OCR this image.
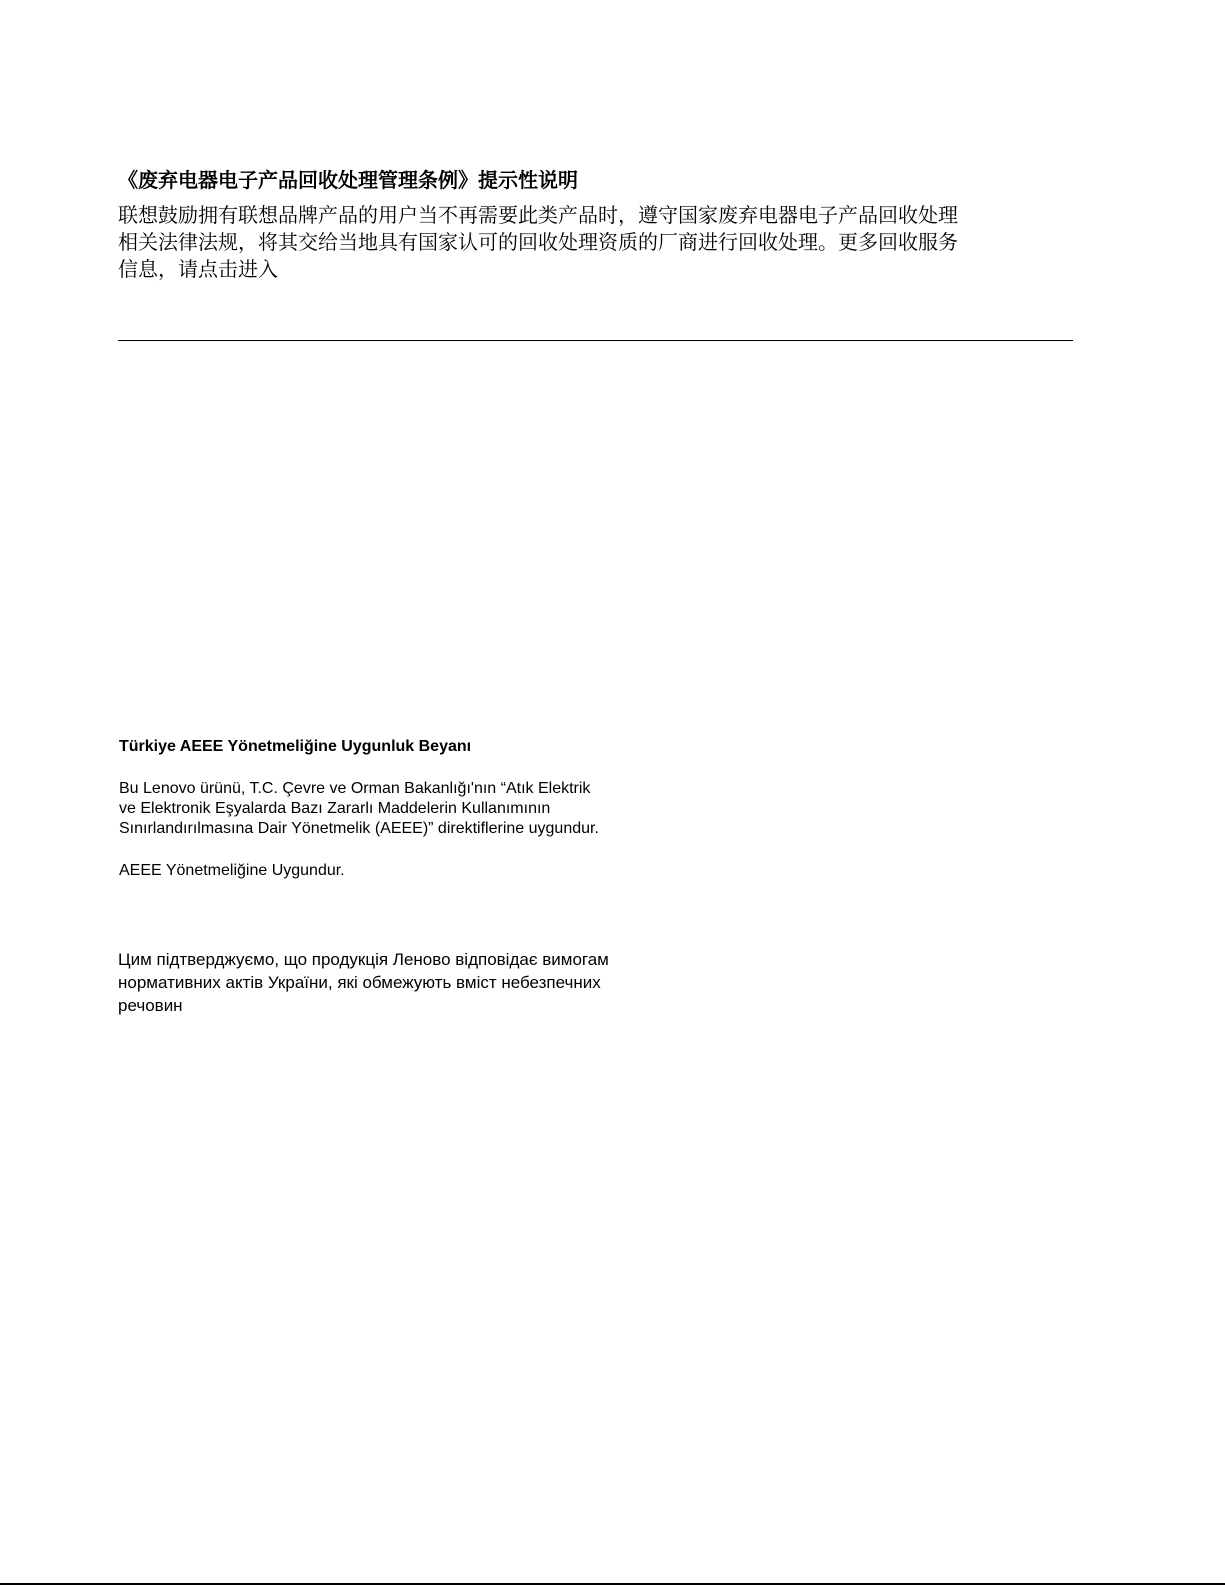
《废弃电器电子产品回收处理管理条例》提示性说明
联想鼓励拥有联想品牌产品的用户当不再需要此类产品时，遵守国家废弃电器电子产品回收处理
相关法律法规，将其交给当地具有国家认可的回收处理资质的厂商进行回收处理。更多回收服务
信息，请点击进入
Türkiye AEEE Yönetmeliğine Uygunluk Beyanı
Bu Lenovo ürünü, T.C. Çevre ve Orman Bakanlığı'nın “Atık Elektrik
ve Elektronik Eşyalarda Bazı Zararlı Maddelerin Kullanımının
Sınırlandırılmasına Dair Yönetmelik (AEEE)” direktiflerine uygundur.
AEEE Yönetmeliğine Uygundur.
Цим підтверджуємо, що продукція Леново відповідає вимогам
нормативних актів України, які обмежують вміст небезпечних
речовин
